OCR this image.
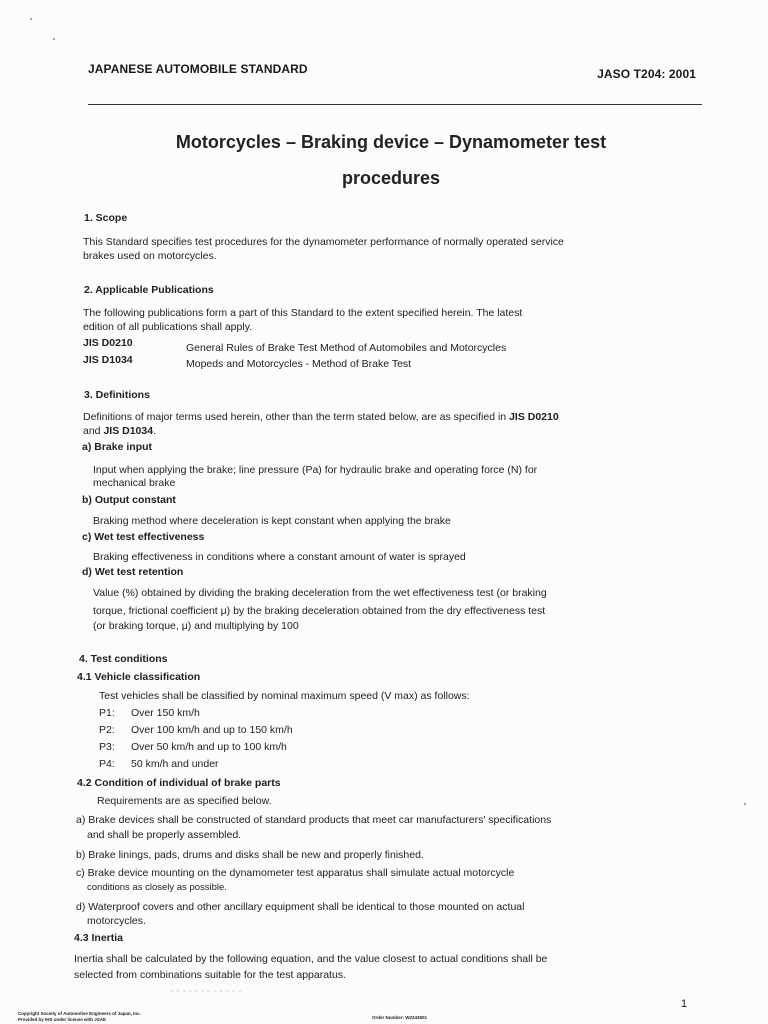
JAPANESE AUTOMOBILE STANDARD	JASO T204: 2001
Motorcycles – Braking device – Dynamometer test
procedures
1. Scope
This Standard specifies test procedures for the dynamometer performance of normally operated service
brakes used on motorcycles.
2. Applicable Publications
The following publications form a part of this Standard to the extent specified herein. The latest
edition of all publications shall apply.
JIS D0210	General Rules of Brake Test Method of Automobiles and Motorcycles
JIS D1034	Mopeds and Motorcycles - Method of Brake Test
3. Definitions
Definitions of major terms used herein, other than the term stated below, are as specified in JIS D0210
and JIS D1034.
a) Brake input
Input when applying the brake; line pressure (Pa) for hydraulic brake and operating force (N) for
mechanical brake
b) Output constant
Braking method where deceleration is kept constant when applying the brake
c) Wet test effectiveness
Braking effectiveness in conditions where a constant amount of water is sprayed
d) Wet test retention
Value (%) obtained by dividing the braking deceleration from the wet effectiveness test (or braking
torque, frictional coefficient μ) by the braking deceleration obtained from the dry effectiveness test
(or braking torque, μ) and multiplying by 100
4. Test conditions
4.1 Vehicle classification
Test vehicles shall be classified by nominal maximum speed (V max) as follows:
P1: Over 150 km/h
P2: Over 100 km/h and up to 150 km/h
P3: Over 50 km/h and up to 100 km/h
P4: 50 km/h and under
4.2 Condition of individual of brake parts
Requirements are as specified below.
a) Brake devices shall be constructed of standard products that meet car manufacturers' specifications
and shall be properly assembled.
b) Brake linings, pads, drums and disks shall be new and properly finished.
c) Brake device mounting on the dynamometer test apparatus shall simulate actual motorcycle
conditions as closely as possible.
d) Waterproof covers and other ancillary equipment shall be identical to those mounted on actual
motorcycles.
4.3 Inertia
Inertia shall be calculated by the following equation, and the value closest to actual conditions shall be
selected from combinations suitable for the test apparatus.
~ ~ ~ ~ ~ ~ ~ ~ ~ ~ ~ ~
1
Copyright Society of Automotive Engineers of Japan, Inc.
Provided by IHS under license with JSAE	Order Number: W2343501
